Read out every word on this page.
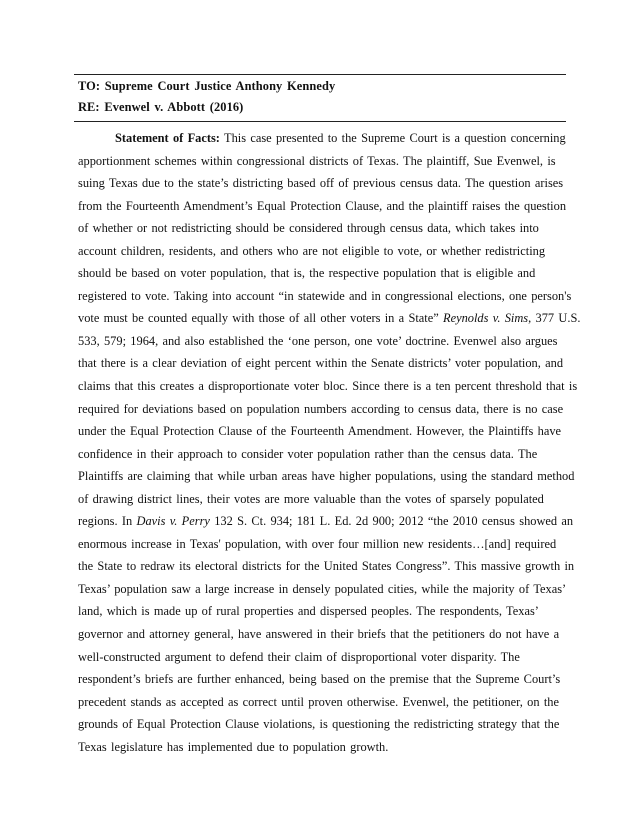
TO: Supreme Court Justice Anthony Kennedy
RE: Evenwel v. Abbott (2016)
Statement of Facts: This case presented to the Supreme Court is a question concerning
apportionment schemes within congressional districts of Texas. The plaintiff, Sue Evenwel, is
suing Texas due to the state’s districting based off of previous census data. The question arises
from the Fourteenth Amendment’s Equal Protection Clause, and the plaintiff raises the question
of whether or not redistricting should be considered through census data, which takes into
account children, residents, and others who are not eligible to vote, or whether redistricting
should be based on voter population, that is, the respective population that is eligible and
registered to vote. Taking into account “in statewide and in congressional elections, one person's
vote must be counted equally with those of all other voters in a State” Reynolds v. Sims, 377 U.S.
533, 579; 1964, and also established the ‘one person, one vote’ doctrine. Evenwel also argues
that there is a clear deviation of eight percent within the Senate districts’ voter population, and
claims that this creates a disproportionate voter bloc. Since there is a ten percent threshold that is
required for deviations based on population numbers according to census data, there is no case
under the Equal Protection Clause of the Fourteenth Amendment. However, the Plaintiffs have
confidence in their approach to consider voter population rather than the census data. The
Plaintiffs are claiming that while urban areas have higher populations, using the standard method
of drawing district lines, their votes are more valuable than the votes of sparsely populated
regions. In Davis v. Perry 132 S. Ct. 934; 181 L. Ed. 2d 900; 2012 “the 2010 census showed an
enormous increase in Texas' population, with over four million new residents…[and] required
the State to redraw its electoral districts for the United States Congress”. This massive growth in
Texas’ population saw a large increase in densely populated cities, while the majority of Texas’
land, which is made up of rural properties and dispersed peoples. The respondents, Texas’
governor and attorney general, have answered in their briefs that the petitioners do not have a
well-constructed argument to defend their claim of disproportional voter disparity. The
respondent’s briefs are further enhanced, being based on the premise that the Supreme Court’s
precedent stands as accepted as correct until proven otherwise. Evenwel, the petitioner, on the
grounds of Equal Protection Clause violations, is questioning the redistricting strategy that the
Texas legislature has implemented due to population growth.
